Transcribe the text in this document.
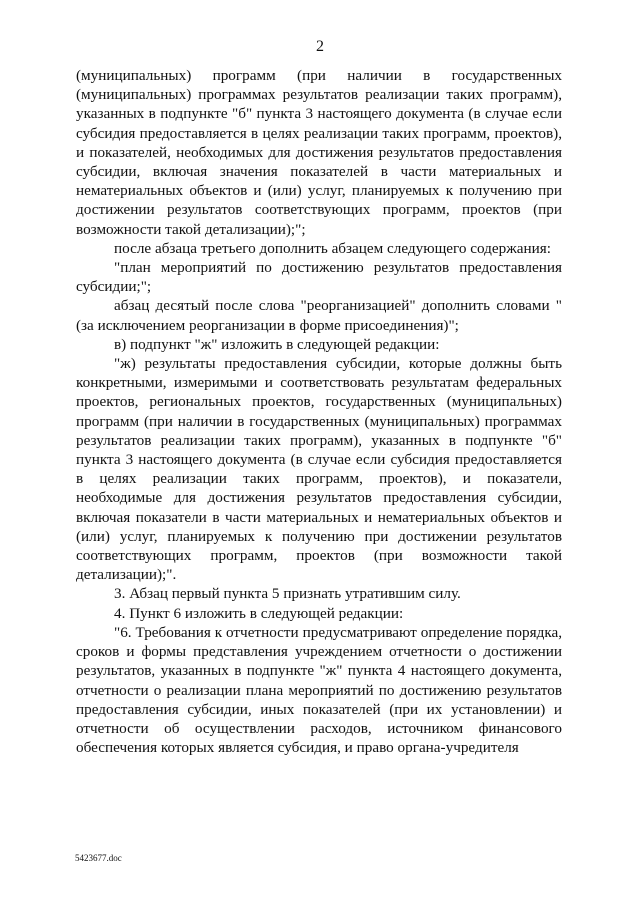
2

(муниципальных) программ (при наличии в государственных (муниципальных) программах результатов реализации таких программ), указанных в подпункте "б" пункта 3 настоящего документа (в случае если субсидия предоставляется в целях реализации таких программ, проектов), и показателей, необходимых для достижения результатов предоставления субсидии, включая значения показателей в части материальных и нематериальных объектов и (или) услуг, планируемых к получению при достижении результатов соответствующих программ, проектов (при возможности такой детализации);";

после абзаца третьего дополнить абзацем следующего содержания:

"план мероприятий по достижению результатов предоставления субсидии;";

абзац десятый после слова "реорганизацией" дополнить словами "(за исключением реорганизации в форме присоединения)";

в) подпункт "ж" изложить в следующей редакции:

"ж) результаты предоставления субсидии, которые должны быть конкретными, измеримыми и соответствовать результатам федеральных проектов, региональных проектов, государственных (муниципальных) программ (при наличии в государственных (муниципальных) программах результатов реализации таких программ), указанных в подпункте "б" пункта 3 настоящего документа (в случае если субсидия предоставляется в целях реализации таких программ, проектов), и показатели, необходимые для достижения результатов предоставления субсидии, включая показатели в части материальных и нематериальных объектов и (или) услуг, планируемых к получению при достижении результатов соответствующих программ, проектов (при возможности такой детализации);".

3. Абзац первый пункта 5 признать утратившим силу.

4. Пункт 6 изложить в следующей редакции:

"6. Требования к отчетности предусматривают определение порядка, сроков и формы представления учреждением отчетности о достижении результатов, указанных в подпункте "ж" пункта 4 настоящего документа, отчетности о реализации плана мероприятий по достижению результатов предоставления субсидии, иных показателей (при их установлении) и отчетности об осуществлении расходов, источником финансового обеспечения которых является субсидия, и право органа-учредителя

5423677.doc
